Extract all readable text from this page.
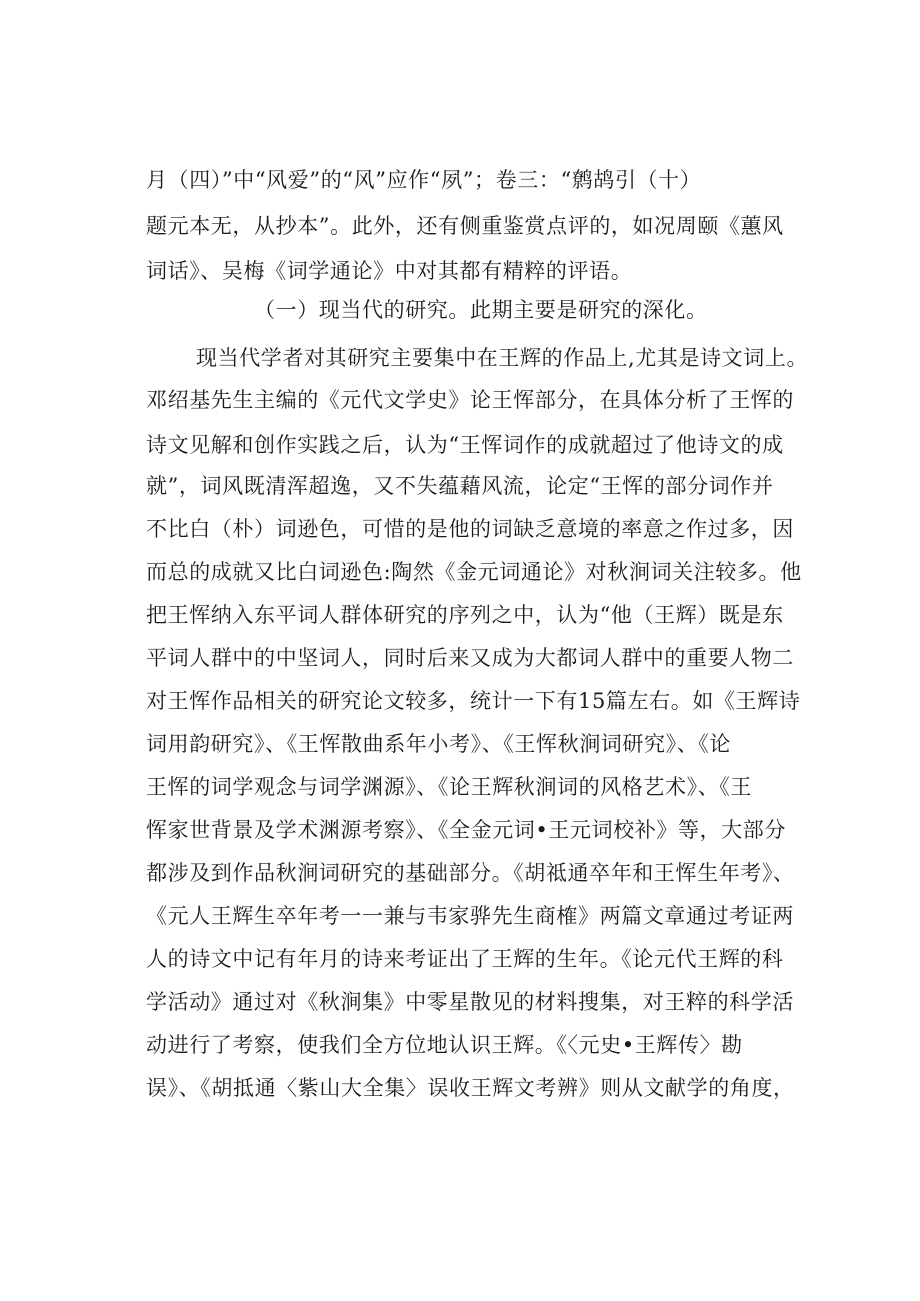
月（四）”中“风爱”的“风”应作“夙”；卷三：“鹩鸪引（十）
题元本无，从抄本”。此外，还有侧重鉴赏点评的，如况周颐《蕙风
词话》、吴梅《词学通论》中对其都有精粹的评语。
（一）现当代的研究。此期主要是研究的深化。
现当代学者对其研究主要集中在王辉的作品上,尤其是诗文词上。
邓绍基先生主编的《元代文学史》论王恽部分，在具体分析了王恽的
诗文见解和创作实践之后，认为“王恽词作的成就超过了他诗文的成
就”，词风既清浑超逸，又不失蕴藉风流，论定“王恽的部分词作并
不比白（朴）词逊色，可惜的是他的词缺乏意境的率意之作过多，因
而总的成就又比白词逊色:陶然《金元词通论》对秋涧词关注较多。他
把王恽纳入东平词人群体研究的序列之中，认为“他（王辉）既是东
平词人群中的中坚词人，同时后来又成为大都词人群中的重要人物二
对王恽作品相关的研究论文较多，统计一下有15篇左右。如《王辉诗
词用韵研究》、《王恽散曲系年小考》、《王恽秋涧词研究》、《论
王恽的词学观念与词学渊源》、《论王辉秋涧词的风格艺术》、《王
恽家世背景及学术渊源考察》、《全金元词•王元词校补》等，大部分
都涉及到作品秋涧词研究的基础部分。《胡祗通卒年和王恽生年考》、
《元人王辉生卒年考一一兼与韦家骅先生商榷》两篇文章通过考证两
人的诗文中记有年月的诗来考证出了王辉的生年。《论元代王辉的科
学活动》通过对《秋涧集》中零星散见的材料搜集，对王粹的科学活
动进行了考察，使我们全方位地认识王辉。《〈元史•王辉传〉勘
误》、《胡抵通〈紫山大全集〉误收王辉文考辨》则从文献学的角度，
